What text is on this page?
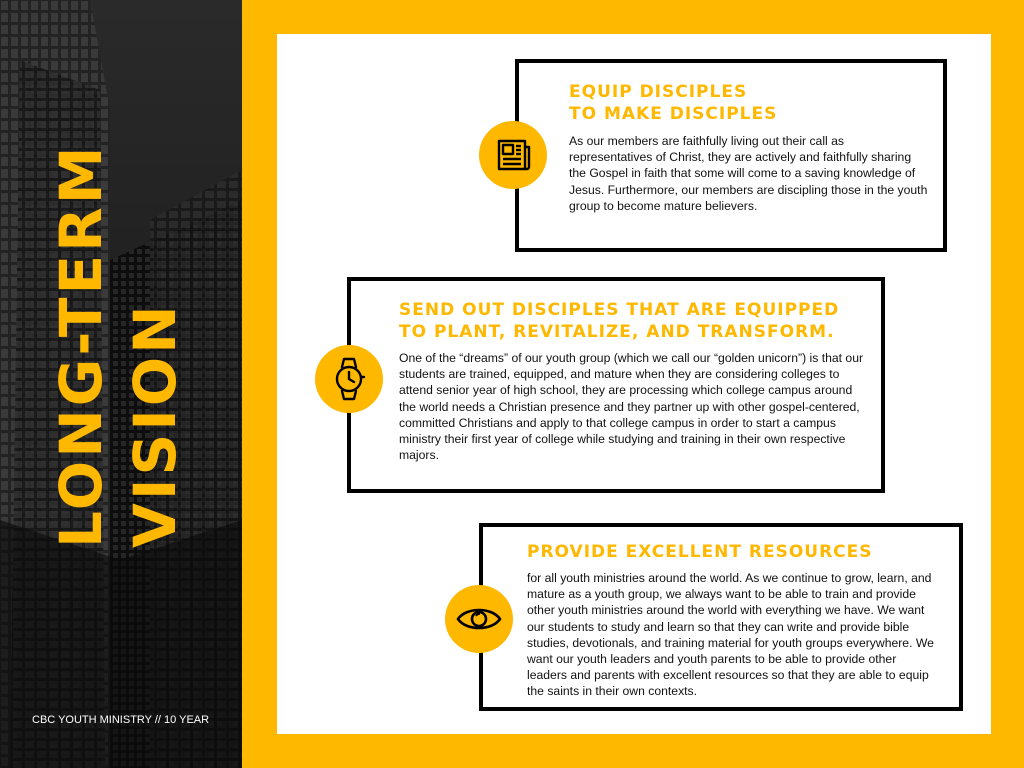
LONG-TERM VISION
CBC YOUTH MINISTRY // 10 YEAR
EQUIP DISCIPLES
TO MAKE DISCIPLES

As our members are faithfully living out their call as representatives of Christ, they are actively and faithfully sharing the Gospel in faith that some will come to a saving knowledge of Jesus. Furthermore, our members are discipling those in the youth group to become mature believers.

SEND OUT DISCIPLES THAT ARE EQUIPPED
TO PLANT, REVITALIZE, AND TRANSFORM.

One of the “dreams” of our youth group (which we call our “golden unicorn”) is that our students are trained, equipped, and mature when they are considering colleges to attend senior year of high school, they are processing which college campus around the world needs a Christian presence and they partner up with other gospel-centered, committed Christians and apply to that college campus in order to start a campus ministry their first year of college while studying and training in their own respective majors.

PROVIDE EXCELLENT RESOURCES

for all youth ministries around the world. As we continue to grow, learn, and mature as a youth group, we always want to be able to train and provide other youth ministries around the world with everything we have. We want our students to study and learn so that they can write and provide bible studies, devotionals, and training material for youth groups everywhere. We want our youth leaders and youth parents to be able to provide other leaders and parents with excellent resources so that they are able to equip the saints in their own contexts.
